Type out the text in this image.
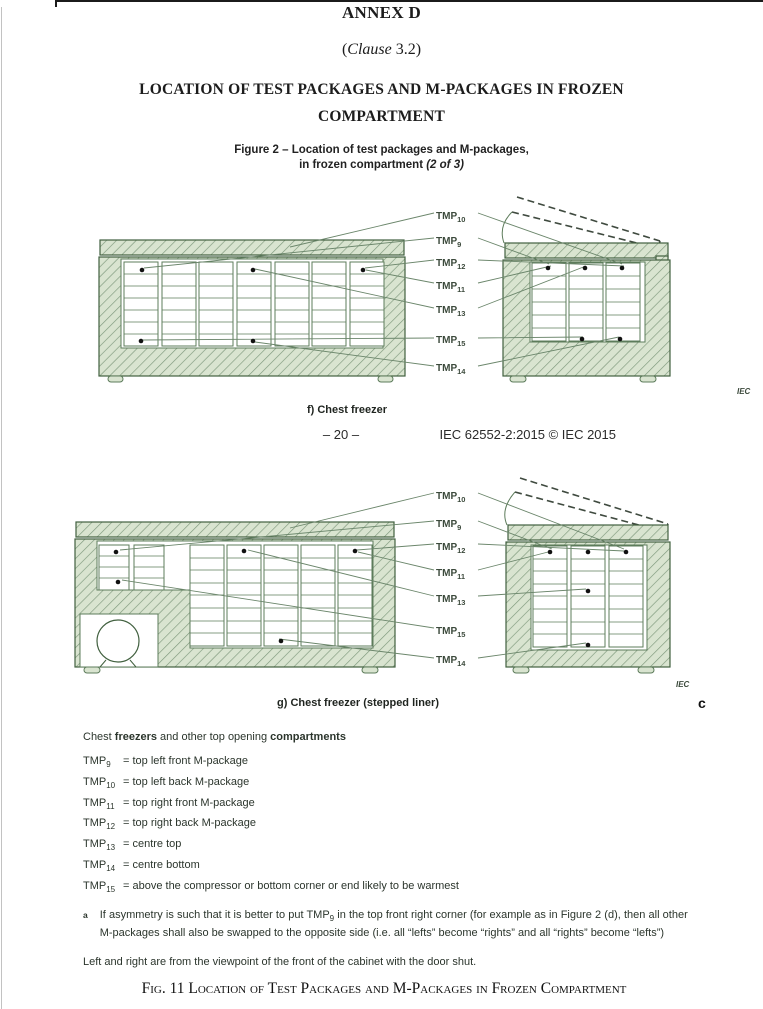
ANNEX D
(Clause 3.2)
LOCATION OF TEST PACKAGES AND M-PACKAGES IN FROZEN
COMPARTMENT
Figure 2 – Location of test packages and M-packages,
in frozen compartment (2 of 3)
$TMP_{10}$
$TMP_9$
$TMP_{12}$
$TMP_{11}$
$TMP_{13}$
$TMP_{15}$
$TMP_{14}$
IEC
f) Chest freezer
– 20 –	IEC 62552-2:2015 © IEC 2015
$TMP_{10}$
$TMP_9$
$TMP_{12}$
$TMP_{11}$
$TMP_{13}$
$TMP_{15}$
$TMP_{14}$
IEC
g) Chest freezer (stepped liner)	c
Chest freezers and other top opening compartments
$TMP_9$	= top left front M-package
$TMP_{10}$ = top left back M-package
$TMP_{11}$ = top right front M-package
$TMP_{12}$ = top right back M-package
$TMP_{13}$ = centre top
$TMP_{14}$ = centre bottom
$TMP_{15}$ = above the compressor or bottom corner or end likely to be warmest
a If asymmetry is such that it is better to put $TMP_9$ in the top front right corner (for example as in Figure 2 (d), then all other M-packages shall also be swapped to the opposite side (i.e. all “lefts” become “rights” and all “rights” become “lefts”)
Left and right are from the viewpoint of the front of the cabinet with the door shut.
Fig. 11 Location of Test Packages and M-Packages in Frozen Compartment
